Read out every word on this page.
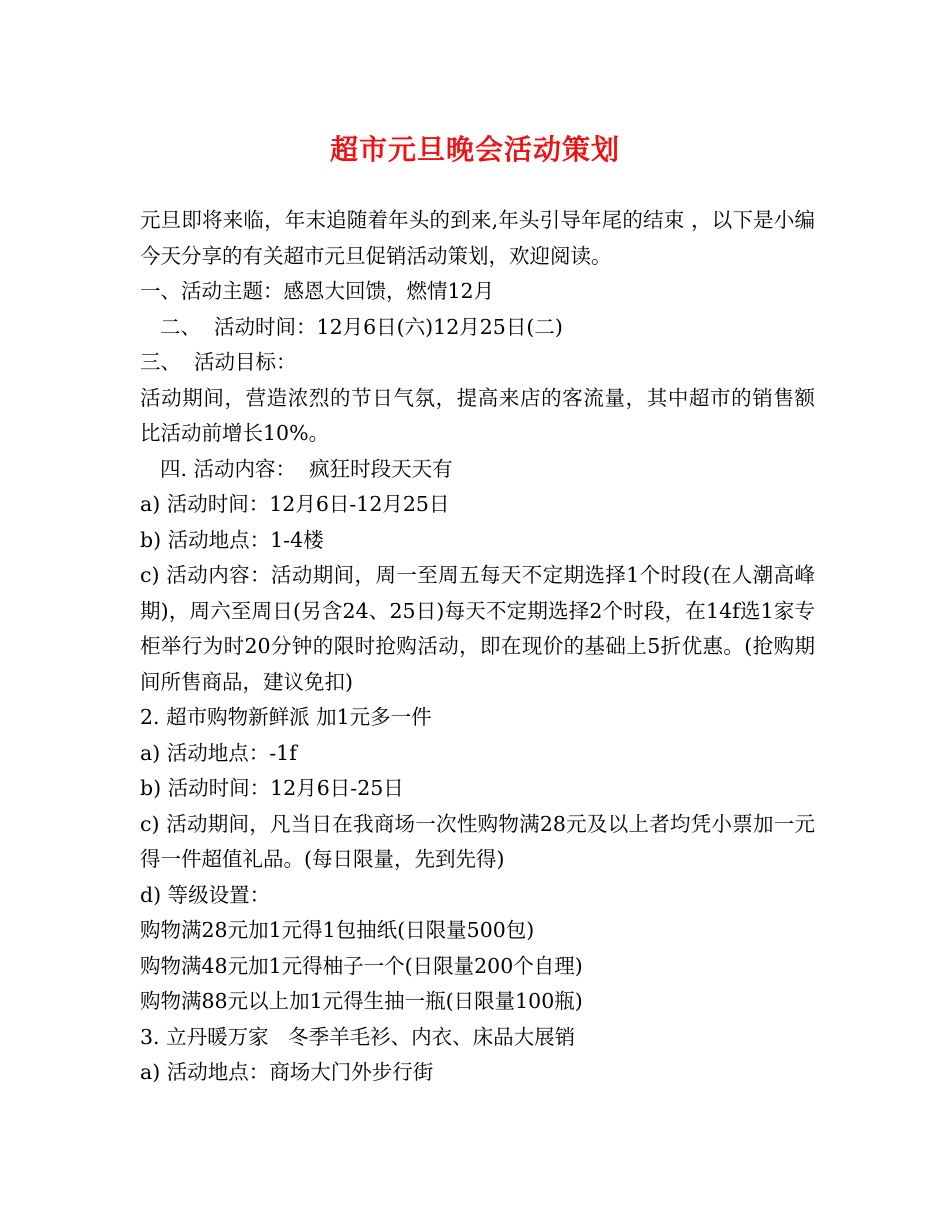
超市元旦晚会活动策划

元旦即将来临，年末追随着年头的到来,年头引导年尾的结束 ，以下是小编今天分享的有关超市元旦促销活动策划，欢迎阅读。

一、活动主题：感恩大回馈，燃情12月

二、  活动时间：12月6日(六)12月25日(二)

三、  活动目标：

活动期间，营造浓烈的节日气氛，提高来店的客流量，其中超市的销售额比活动前增长10%。

四. 活动内容：  疯狂时段天天有

a) 活动时间：12月6日-12月25日

b) 活动地点：1-4楼

c) 活动内容：活动期间，周一至周五每天不定期选择1个时段(在人潮高峰期)，周六至周日(另含24、25日)每天不定期选择2个时段，在14f选1家专柜举行为时20分钟的限时抢购活动，即在现价的基础上5折优惠。(抢购期间所售商品，建议免扣)

2. 超市购物新鲜派 加1元多一件

a) 活动地点：-1f

b) 活动时间：12月6日-25日

c) 活动期间，凡当日在我商场一次性购物满28元及以上者均凭小票加一元得一件超值礼品。(每日限量，先到先得)

d) 等级设置：

购物满28元加1元得1包抽纸(日限量500包)

购物满48元加1元得柚子一个(日限量200个自理)

购物满88元以上加1元得生抽一瓶(日限量100瓶)

3. 立丹暖万家   冬季羊毛衫、内衣、床品大展销

a) 活动地点：商场大门外步行街
